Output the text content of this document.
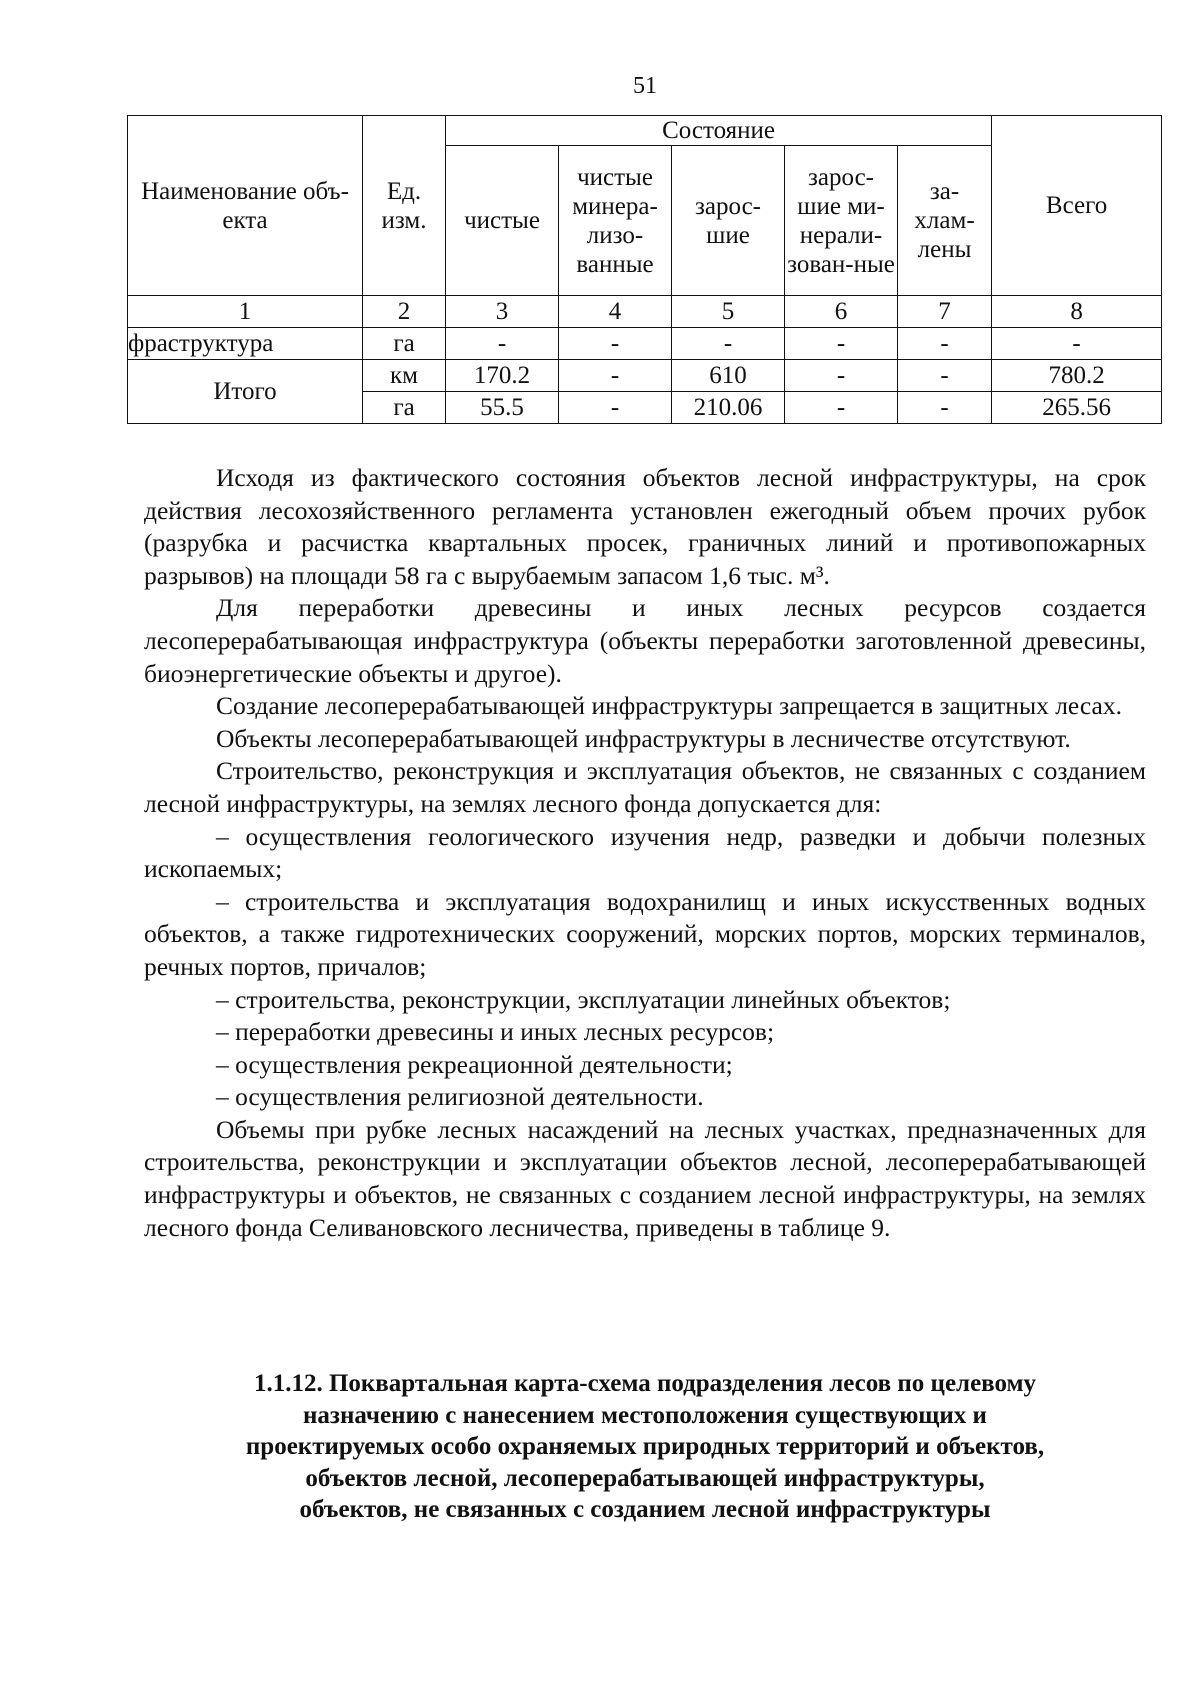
51
Наименование объ-екта	Ед. изм.	Состояние					Всего
		чистые	чистые минера-лизо-ванные	зарос-шие	зарос-шие ми-нерали-зован-ные	за-хлам-лены	
1	2	3	4	5	6	7	8
фраструктура	га	-	-	-	-	-	-
Итого	км	170.2	-	610	-	-	780.2
	га	55.5	-	210.06	-	-	265.56

Исходя из фактического состояния объектов лесной инфраструктуры, на срок действия лесохозяйственного регламента установлен ежегодный объем прочих рубок (разрубка и расчистка квартальных просек, граничных линий и противопожарных разрывов) на площади 58 га с вырубаемым запасом 1,6 тыс. м³.

Для переработки древесины и иных лесных ресурсов создается лесоперерабатывающая инфраструктура (объекты переработки заготовленной древесины, биоэнергетические объекты и другое).

Создание лесоперерабатывающей инфраструктуры запрещается в защитных лесах.

Объекты лесоперерабатывающей инфраструктуры в лесничестве отсутствуют.

Строительство, реконструкция и эксплуатация объектов, не связанных с созданием лесной инфраструктуры, на землях лесного фонда допускается для:

– осуществления геологического изучения недр, разведки и добычи полезных ископаемых;

– строительства и эксплуатация водохранилищ и иных искусственных водных объектов, а также гидротехнических сооружений, морских портов, морских терминалов, речных портов, причалов;

– строительства, реконструкции, эксплуатации линейных объектов;

– переработки древесины и иных лесных ресурсов;

– осуществления рекреационной деятельности;

– осуществления религиозной деятельности.

Объемы при рубке лесных насаждений на лесных участках, предназначенных для строительства, реконструкции и эксплуатации объектов лесной, лесоперерабатывающей инфраструктуры и объектов, не связанных с созданием лесной инфраструктуры, на землях лесного фонда Селивановского лесничества, приведены в таблице 9.

1.1.12. Поквартальная карта-схема подразделения лесов по целевому
назначению с нанесением местоположения существующих и
проектируемых особо охраняемых природных территорий и объектов,
объектов лесной, лесоперерабатывающей инфраструктуры,
объектов, не связанных с созданием лесной инфраструктуры
